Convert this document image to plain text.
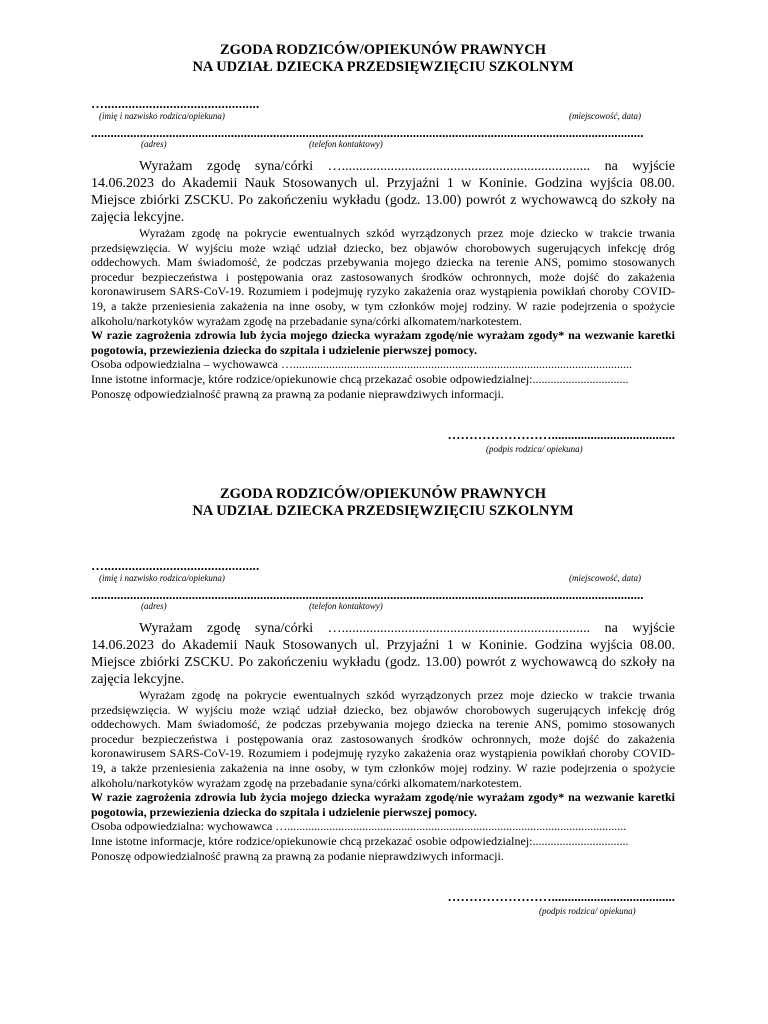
ZGODA RODZICÓW/OPIEKUNÓW PRAWNYCH

NA UDZIAŁ DZIECKA PRZEDSIĘWZIĘCIU SZKOLNYM

….............................................
(imię i nazwisko rodzica/opiekuna)	(miejscowość, data)
..........................................................................................................................................................................
(adres)	(telefon kontaktowy)

Wyrażam zgodę syna/córki …....................................................................... na wyjście 14.06.2023 do Akademii Nauk Stosowanych ul. Przyjaźni 1 w Koninie. Godzina wyjścia 08.00. Miejsce zbiórki ZSCKU. Po zakończeniu wykładu (godz. 13.00) powrót z wychowawcą do szkoły na zajęcia lekcyjne.

Wyrażam zgodę na pokrycie ewentualnych szkód wyrządzonych przez moje dziecko w trakcie trwania przedsięwzięcia. W wyjściu może wziąć udział dziecko, bez objawów chorobowych sugerujących infekcję dróg oddechowych. Mam świadomość, że podczas przebywania mojego dziecka na terenie ANS, pomimo stosowanych procedur bezpieczeństwa i postępowania oraz zastosowanych środków ochronnych, może dojść do zakażenia koronawirusem SARS-CoV-19. Rozumiem i podejmuję ryzyko zakażenia oraz wystąpienia powikłań choroby COVID-19, a także przeniesienia zakażenia na inne osoby, w tym członków mojej rodziny. W razie podejrzenia o spożycie alkoholu/narkotyków wyrażam zgodę na przebadanie syna/córki alkomatem/narkotestem.

W razie zagrożenia zdrowia lub życia mojego dziecka wyrażam zgodę/nie wyrażam zgody* na wezwanie karetki pogotowia, przewiezienia dziecka do szpitala i udzielenie pierwszej pomocy.

Osoba odpowiedzialna – wychowawca ….................................................................................................................

Inne istotne informacje, które rodzice/opiekunowie chcą przekazać osobie odpowiedzialnej:................................

Ponoszę odpowiedzialność prawną za prawną za podanie nieprawdziwych informacji.

……………………......................................
(podpis rodzica/ opiekuna)

ZGODA RODZICÓW/OPIEKUNÓW PRAWNYCH

NA UDZIAŁ DZIECKA PRZEDSIĘWZIĘCIU SZKOLNYM

….............................................
(imię i nazwisko rodzica/opiekuna)	(miejscowość, data)
..........................................................................................................................................................................
(adres)	(telefon kontaktowy)

Wyrażam zgodę syna/córki …....................................................................... na wyjście 14.06.2023 do Akademii Nauk Stosowanych ul. Przyjaźni 1 w Koninie. Godzina wyjścia 08.00. Miejsce zbiórki ZSCKU. Po zakończeniu wykładu (godz. 13.00) powrót z wychowawcą do szkoły na zajęcia lekcyjne.

Wyrażam zgodę na pokrycie ewentualnych szkód wyrządzonych przez moje dziecko w trakcie trwania przedsięwzięcia. W wyjściu może wziąć udział dziecko, bez objawów chorobowych sugerujących infekcję dróg oddechowych. Mam świadomość, że podczas przebywania mojego dziecka na terenie ANS, pomimo stosowanych procedur bezpieczeństwa i postępowania oraz zastosowanych środków ochronnych, może dojść do zakażenia koronawirusem SARS-CoV-19. Rozumiem i podejmuję ryzyko zakażenia oraz wystąpienia powikłań choroby COVID-19, a także przeniesienia zakażenia na inne osoby, w tym członków mojej rodziny. W razie podejrzenia o spożycie alkoholu/narkotyków wyrażam zgodę na przebadanie syna/córki alkomatem/narkotestem.

W razie zagrożenia zdrowia lub życia mojego dziecka wyrażam zgodę/nie wyrażam zgody* na wezwanie karetki pogotowia, przewiezienia dziecka do szpitala i udzielenie pierwszej pomocy.

Osoba odpowiedzialna: wychowawca ….................................................................................................................

Inne istotne informacje, które rodzice/opiekunowie chcą przekazać osobie odpowiedzialnej:................................

Ponoszę odpowiedzialność prawną za prawną za podanie nieprawdziwych informacji.

……………………......................................
(podpis rodzica/ opiekuna)
